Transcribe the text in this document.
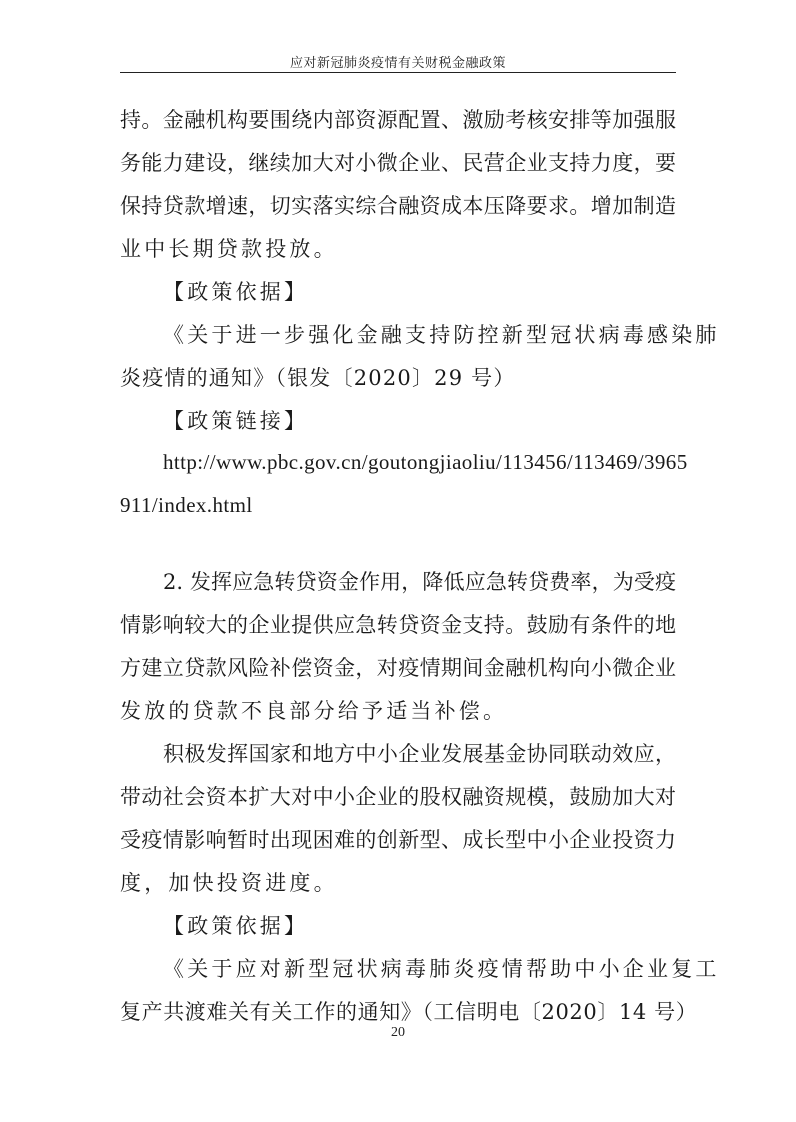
应对新冠肺炎疫情有关财税金融政策
持。金融机构要围绕内部资源配置、激励考核安排等加强服
务能力建设，继续加大对小微企业、民营企业支持力度，要
保持贷款增速，切实落实综合融资成本压降要求。增加制造
业中长期贷款投放。
【政策依据】
《关于进一步强化金融支持防控新型冠状病毒感染肺
炎疫情的通知》（银发〔2020〕29 号）
【政策链接】
http://www.pbc.gov.cn/goutongjiaoliu/113456/113469/3965
911/index.html
2. 发挥应急转贷资金作用，降低应急转贷费率，为受疫
情影响较大的企业提供应急转贷资金支持。鼓励有条件的地
方建立贷款风险补偿资金，对疫情期间金融机构向小微企业
发放的贷款不良部分给予适当补偿。
积极发挥国家和地方中小企业发展基金协同联动效应，
带动社会资本扩大对中小企业的股权融资规模，鼓励加大对
受疫情影响暂时出现困难的创新型、成长型中小企业投资力
度，加快投资进度。
【政策依据】
《关于应对新型冠状病毒肺炎疫情帮助中小企业复工
复产共渡难关有关工作的通知》（工信明电〔2020〕14 号）
20
